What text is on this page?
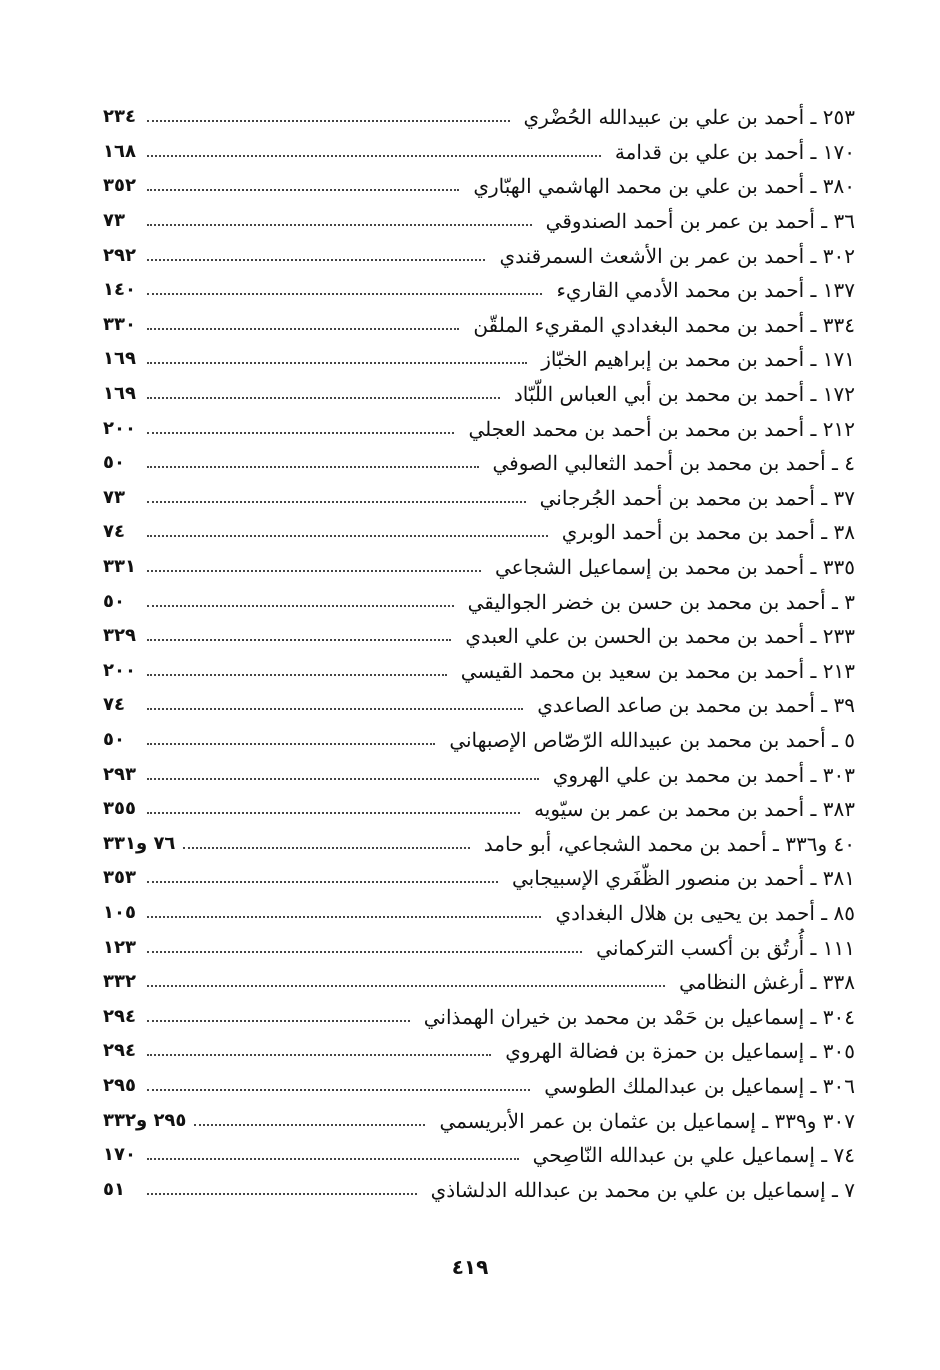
٢٥٣ ـ أحمد بن علي بن عبيدالله الحُضْري
٢٣٤
١٧٠ ـ أحمد بن علي بن قدامة
١٦٨
٣٨٠ ـ أحمد بن علي بن محمد الهاشمي الهبّاري
٣٥٢
٣٦ ـ أحمد بن عمر بن أحمد الصندوقي
٧٣
٣٠٢ ـ أحمد بن عمر بن الأشعث السمرقندي
٢٩٢
١٣٧ ـ أحمد بن محمد الأدمي القاريء
١٤٠
٣٣٤ ـ أحمد بن محمد البغدادي المقريء الملقّن
٣٣٠
١٧١ ـ أحمد بن محمد بن إبراهيم الخبّاز
١٦٩
١٧٢ ـ أحمد بن محمد بن أبي العباس اللّبّاد
١٦٩
٢١٢ ـ أحمد بن محمد بن أحمد بن محمد العجلي
٢٠٠
٤ ـ أحمد بن محمد بن أحمد الثعالبي الصوفي
٥٠
٣٧ ـ أحمد بن محمد بن أحمد الجُرجاني
٧٣
٣٨ ـ أحمد بن محمد بن أحمد الوبري
٧٤
٣٣٥ ـ أحمد بن محمد بن إسماعيل الشجاعي
٣٣١
٣ ـ أحمد بن محمد بن حسن بن خضر الجواليقي
٥٠
٢٣٣ ـ أحمد بن محمد بن الحسن بن علي العبدي
٣٢٩
٢١٣ ـ أحمد بن محمد بن سعيد بن محمد القيسي
٢٠٠
٣٩ ـ أحمد بن محمد بن صاعد الصاعدي
٧٤
٥ ـ أحمد بن محمد بن عبيدالله الرّصّاص الإصبهاني
٥٠
٣٠٣ ـ أحمد بن محمد بن علي الهروي
٢٩٣
٣٨٣ ـ أحمد بن محمد بن عمر بن سيّويه
٣٥٥
٤٠ و٣٣٦ ـ أحمد بن محمد الشجاعي، أبو حامد
٧٦ و٣٣١
٣٨١ ـ أحمد بن منصور الظّفَري الإسبيجابي
٣٥٣
٨٥ ـ أحمد بن يحيى بن هلال البغدادي
١٠٥
١١١ ـ أُرتُق بن أكسب التركماني
١٢٣
٣٣٨ ـ أرغش النظامي
٣٣٢
٣٠٤ ـ إسماعيل بن حَمْد بن محمد بن خيران الهمذاني
٢٩٤
٣٠٥ ـ إسماعيل بن حمزة بن فضالة الهروي
٢٩٤
٣٠٦ ـ إسماعيل بن عبدالملك الطوسي
٢٩٥
٣٠٧ و٣٣٩ ـ إسماعيل بن عثمان بن عمر الأبريسمي
٢٩٥ و٣٣٢
٧٤ ـ إسماعيل علي بن عبدالله النّاصِحي
١٧٠
٧ ـ إسماعيل بن علي بن محمد بن عبدالله الدلشاذي
٥١
٤١٩
